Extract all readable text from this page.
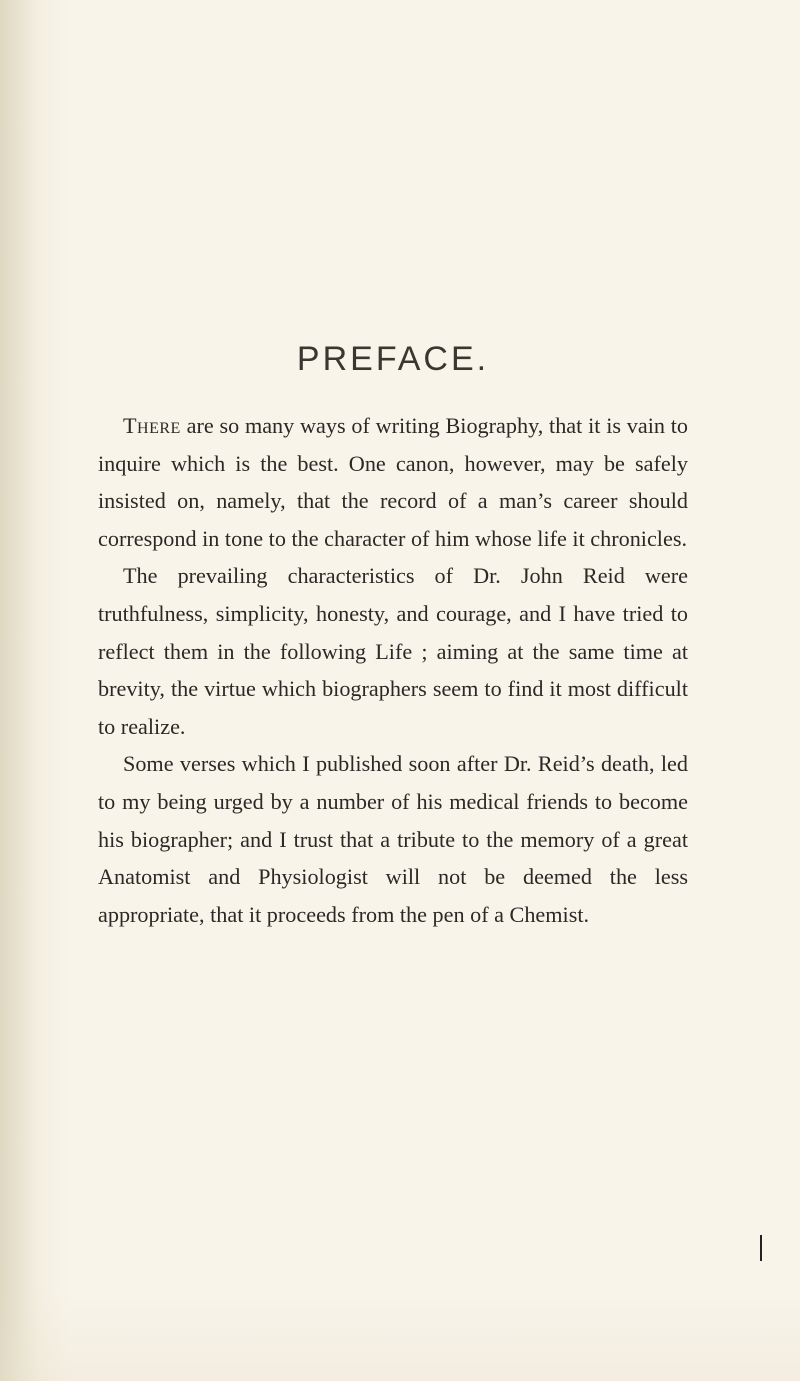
PREFACE.

There are so many ways of writing Biography, that it is vain to inquire which is the best. One canon, however, may be safely insisted on, namely, that the record of a man’s career should correspond in tone to the character of him whose life it chronicles.

The prevailing characteristics of Dr. John Reid were truthfulness, simplicity, honesty, and courage, and I have tried to reflect them in the following Life ; aiming at the same time at brevity, the virtue which biographers seem to find it most difficult to realize.

Some verses which I published soon after Dr. Reid’s death, led to my being urged by a number of his medical friends to become his biographer; and I trust that a tribute to the memory of a great Anatomist and Physiologist will not be deemed the less appropriate, that it proceeds from the pen of a Chemist.
